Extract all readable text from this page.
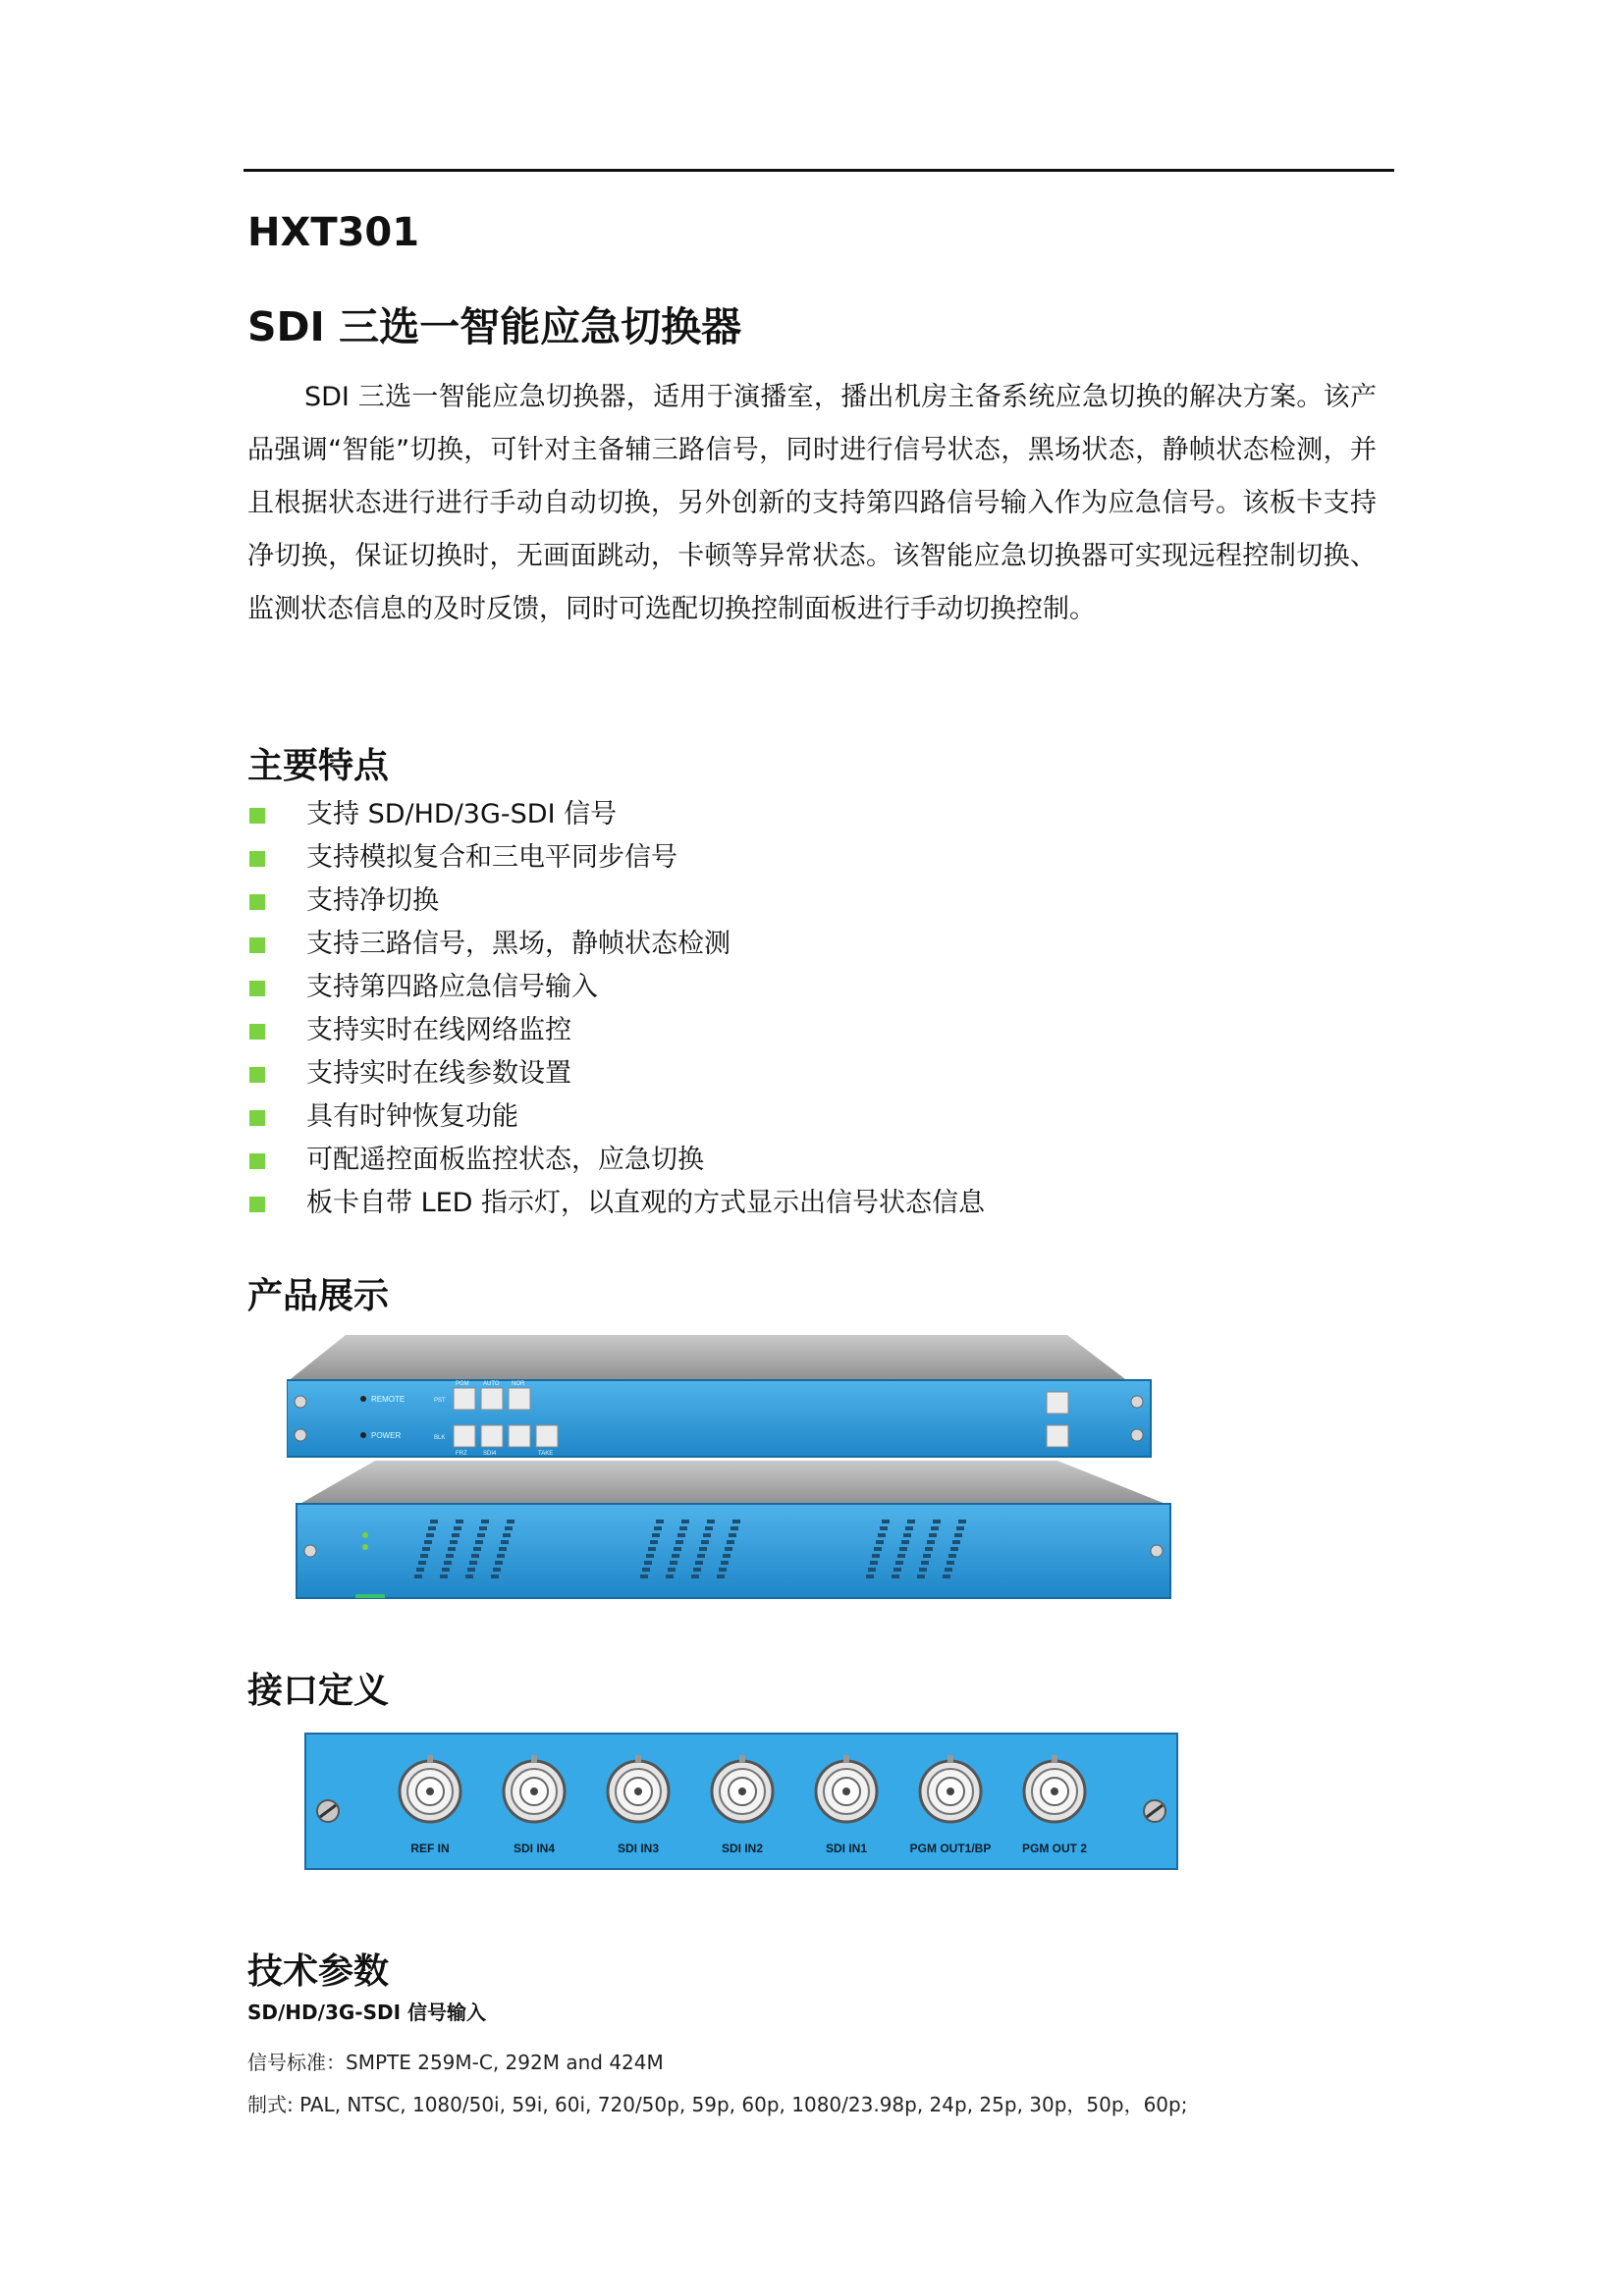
HXT301
SDI 三选一智能应急切换器

SDI 三选一智能应急切换器，适用于演播室，播出机房主备系统应急切换的解决方案。该产品强调“智能”切换，可针对主备辅三路信号，同时进行信号状态，黑场状态，静帧状态检测，并且根据状态进行进行手动自动切换，另外创新的支持第四路信号输入作为应急信号。该板卡支持净切换，保证切换时，无画面跳动，卡顿等异常状态。该智能应急切换器可实现远程控制切换、监测状态信息的及时反馈，同时可选配切换控制面板进行手动切换控制。

主要特点
支持 SD/HD/3G-SDI 信号
支持模拟复合和三电平同步信号
支持净切换
支持三路信号，黑场，静帧状态检测
支持第四路应急信号输入
支持实时在线网络监控
支持实时在线参数设置
具有时钟恢复功能
可配遥控面板监控状态，应急切换
板卡自带 LED 指示灯，以直观的方式显示出信号状态信息
产品展示
REMOTE
POWER
PGM AUTO NOR
PST
BLK
FRZ	SDI4	TAKE
接口定义
REF IN	SDI IN4	SDI IN3	SDI IN2	SDI IN1	PGM OUT1/BP	PGM OUT 2
技术参数

SD/HD/3G-SDI 信号输入

信号标准：SMPTE 259M-C, 292M and 424M

制式: PAL, NTSC, 1080/50i, 59i, 60i, 720/50p, 59p, 60p, 1080/23.98p, 24p, 25p, 30p，50p，60p;
